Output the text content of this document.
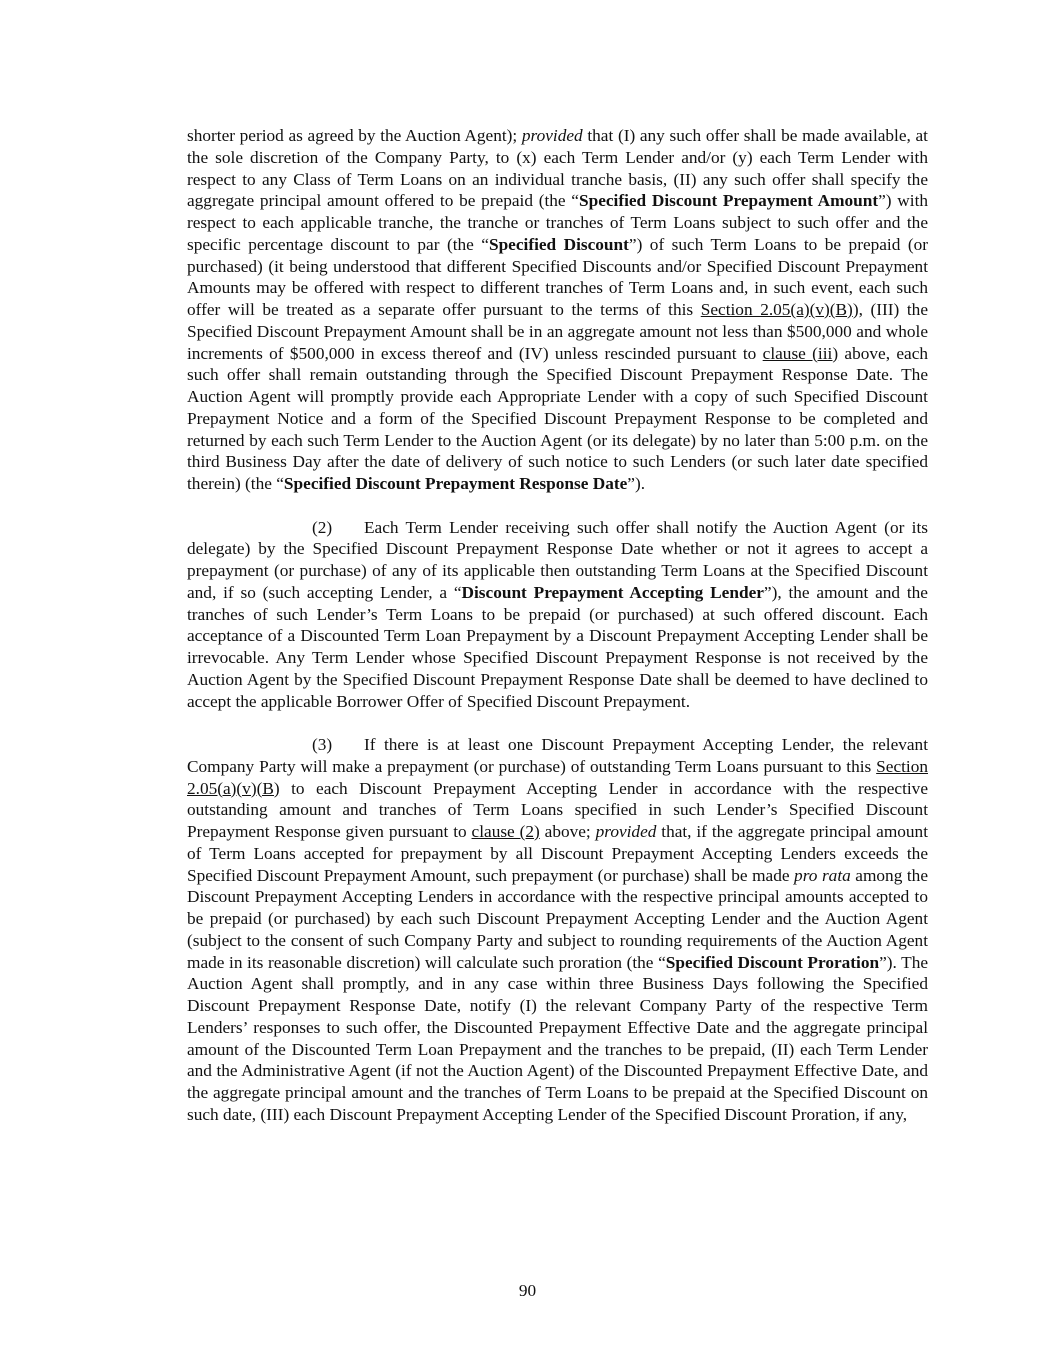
shorter period as agreed by the Auction Agent); provided that (I) any such offer shall be made available, at the sole discretion of the Company Party, to (x) each Term Lender and/or (y) each Term Lender with respect to any Class of Term Loans on an individual tranche basis, (II) any such offer shall specify the aggregate principal amount offered to be prepaid (the “Specified Discount Prepayment Amount”) with respect to each applicable tranche, the tranche or tranches of Term Loans subject to such offer and the specific percentage discount to par (the “Specified Discount”) of such Term Loans to be prepaid (or purchased) (it being understood that different Specified Discounts and/or Specified Discount Prepayment Amounts may be offered with respect to different tranches of Term Loans and, in such event, each such offer will be treated as a separate offer pursuant to the terms of this Section 2.05(a)(v)(B)), (III) the Specified Discount Prepayment Amount shall be in an aggregate amount not less than $500,000 and whole increments of $500,000 in excess thereof and (IV) unless rescinded pursuant to clause (iii) above, each such offer shall remain outstanding through the Specified Discount Prepayment Response Date. The Auction Agent will promptly provide each Appropriate Lender with a copy of such Specified Discount Prepayment Notice and a form of the Specified Discount Prepayment Response to be completed and returned by each such Term Lender to the Auction Agent (or its delegate) by no later than 5:00 p.m. on the third Business Day after the date of delivery of such notice to such Lenders (or such later date specified therein) (the “Specified Discount Prepayment Response Date”).

(2) Each Term Lender receiving such offer shall notify the Auction Agent (or its delegate) by the Specified Discount Prepayment Response Date whether or not it agrees to accept a prepayment (or purchase) of any of its applicable then outstanding Term Loans at the Specified Discount and, if so (such accepting Lender, a “Discount Prepayment Accepting Lender”), the amount and the tranches of such Lender’s Term Loans to be prepaid (or purchased) at such offered discount. Each acceptance of a Discounted Term Loan Prepayment by a Discount Prepayment Accepting Lender shall be irrevocable. Any Term Lender whose Specified Discount Prepayment Response is not received by the Auction Agent by the Specified Discount Prepayment Response Date shall be deemed to have declined to accept the applicable Borrower Offer of Specified Discount Prepayment.

(3) If there is at least one Discount Prepayment Accepting Lender, the relevant Company Party will make a prepayment (or purchase) of outstanding Term Loans pursuant to this Section 2.05(a)(v)(B) to each Discount Prepayment Accepting Lender in accordance with the respective outstanding amount and tranches of Term Loans specified in such Lender’s Specified Discount Prepayment Response given pursuant to clause (2) above; provided that, if the aggregate principal amount of Term Loans accepted for prepayment by all Discount Prepayment Accepting Lenders exceeds the Specified Discount Prepayment Amount, such prepayment (or purchase) shall be made pro rata among the Discount Prepayment Accepting Lenders in accordance with the respective principal amounts accepted to be prepaid (or purchased) by each such Discount Prepayment Accepting Lender and the Auction Agent (subject to the consent of such Company Party and subject to rounding requirements of the Auction Agent made in its reasonable discretion) will calculate such proration (the “Specified Discount Proration”). The Auction Agent shall promptly, and in any case within three Business Days following the Specified Discount Prepayment Response Date, notify (I) the relevant Company Party of the respective Term Lenders’ responses to such offer, the Discounted Prepayment Effective Date and the aggregate principal amount of the Discounted Term Loan Prepayment and the tranches to be prepaid, (II) each Term Lender and the Administrative Agent (if not the Auction Agent) of the Discounted Prepayment Effective Date, and the aggregate principal amount and the tranches of Term Loans to be prepaid at the Specified Discount on such date, (III) each Discount Prepayment Accepting Lender of the Specified Discount Proration, if any,

90
